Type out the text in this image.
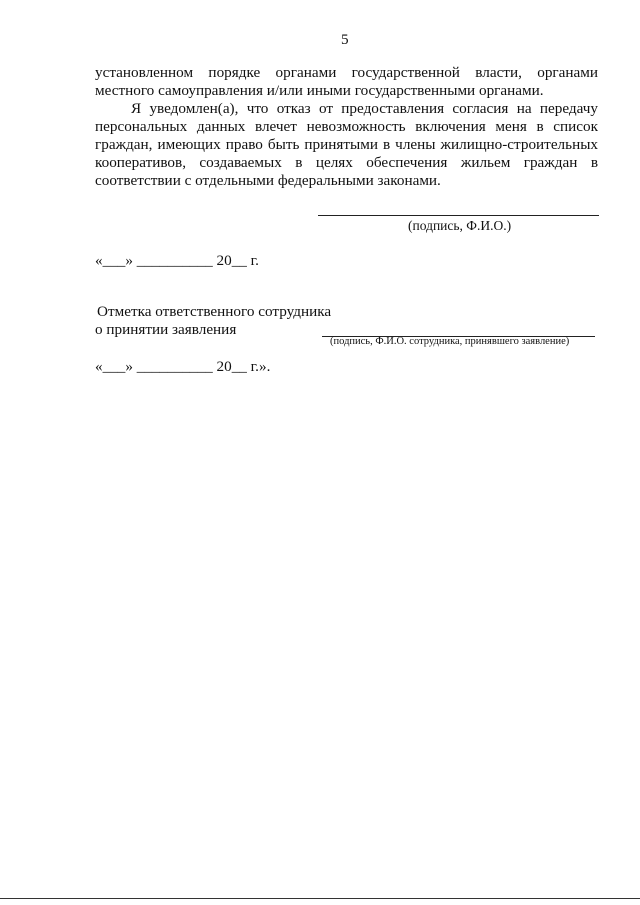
5
установленном порядке органами государственной власти, органами
местного самоуправления и/или иными государственными органами.
Я уведомлен(а), что отказ от предоставления согласия на передачу
персональных данных влечет невозможность включения меня в список
граждан, имеющих право быть принятыми в члены жилищно-строительных
кооперативов, создаваемых в целях обеспечения жильем граждан в
соответствии с отдельными федеральными законами.
(подпись, Ф.И.О.)
«___» __________ 20__ г.
Отметка ответственного сотрудника
о принятии заявления
(подпись, Ф.И.О. сотрудника, принявшего заявление)
«___» __________ 20__ г.».
